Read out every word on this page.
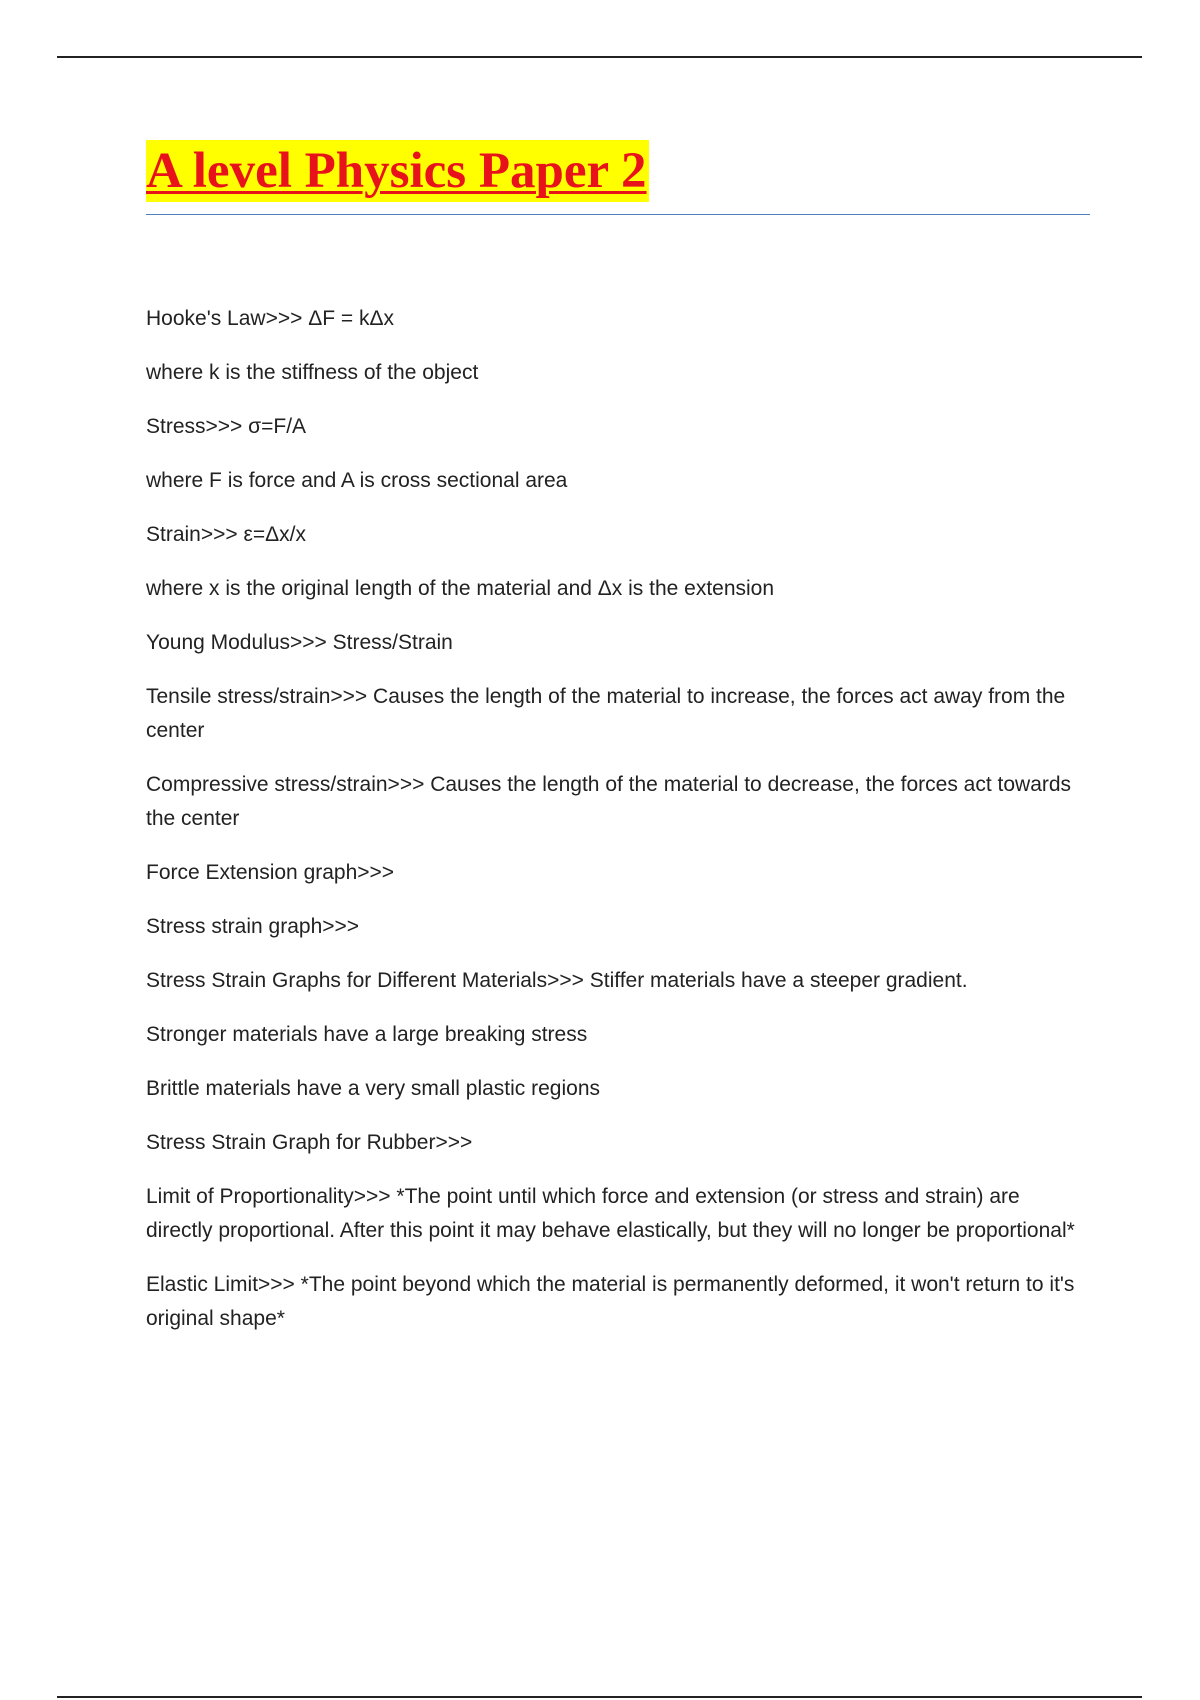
A level Physics Paper 2

Hooke's Law>>> ΔF = kΔx

where k is the stiffness of the object

Stress>>> σ=F/A

where F is force and A is cross sectional area

Strain>>> ε=Δx/x

where x is the original length of the material and Δx is the extension

Young Modulus>>> Stress/Strain

Tensile stress/strain>>> Causes the length of the material to increase, the forces act away from the center

Compressive stress/strain>>> Causes the length of the material to decrease, the forces act towards the center

Force Extension graph>>>

Stress strain graph>>>

Stress Strain Graphs for Different Materials>>> Stiffer materials have a steeper gradient.

Stronger materials have a large breaking stress

Brittle materials have a very small plastic regions

Stress Strain Graph for Rubber>>>

Limit of Proportionality>>> *The point until which force and extension (or stress and strain) are directly proportional. After this point it may behave elastically, but they will no longer be proportional*

Elastic Limit>>> *The point beyond which the material is permanently deformed, it won't return to it's original shape*
